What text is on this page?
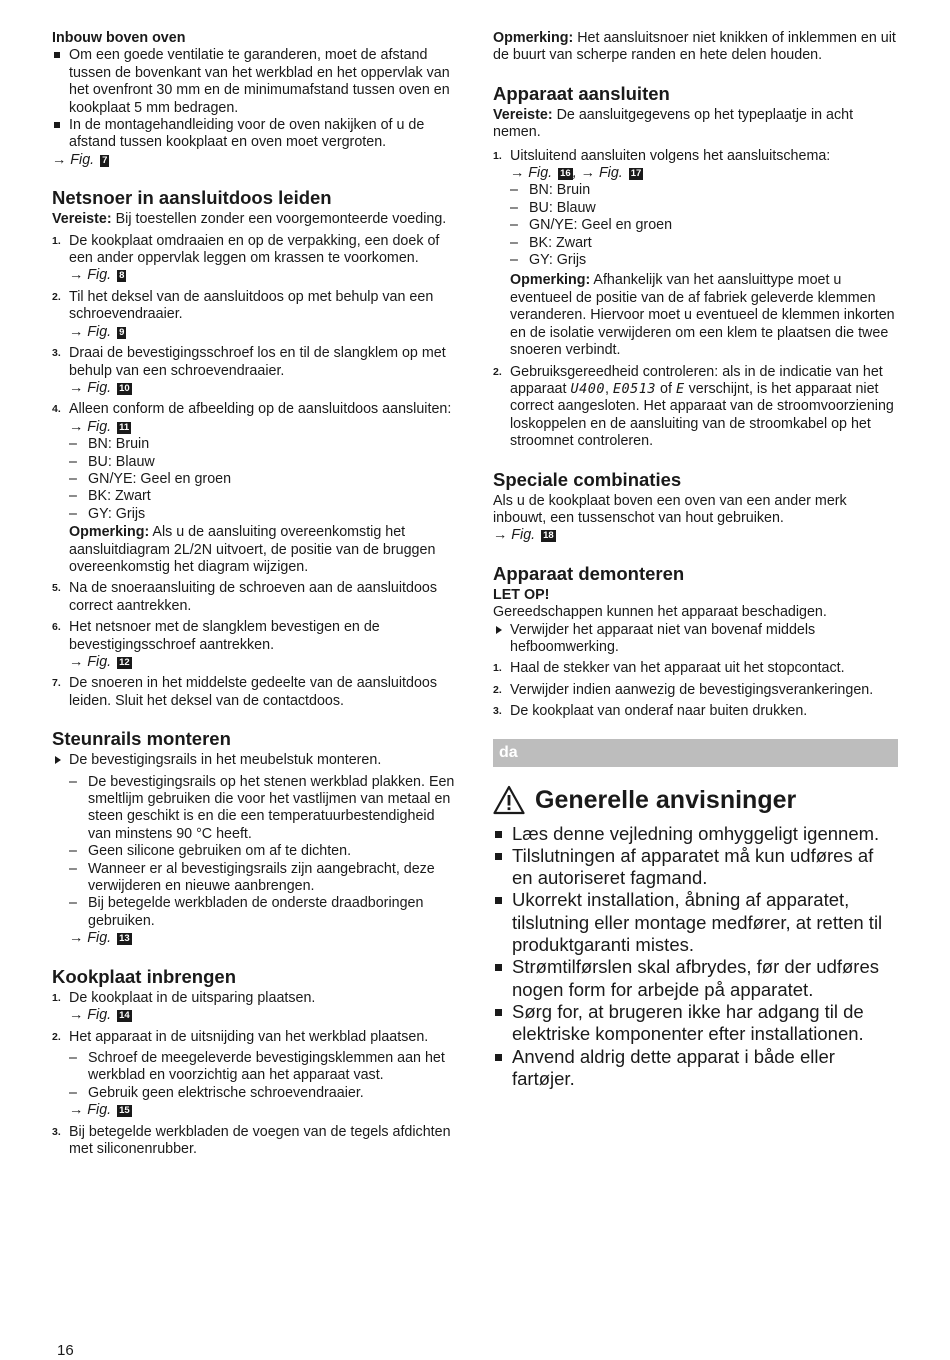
Inbouw boven oven

Om een goede ventilatie te garanderen, moet de afstand tussen de bovenkant van het werkblad en het oppervlak van het ovenfront 30 mm en de minimumafstand tussen oven en kookplaat 5 mm bedragen.
In de montagehandleiding voor de oven nakijken of u de afstand tussen kookplaat en oven moet vergroten.

→ Fig. 7

Netsnoer in aansluitdoos leiden

Vereiste: Bij toestellen zonder een voorgemonteerde voeding.

1. De kookplaat omdraaien en op de verpakking, een doek of een ander oppervlak leggen om krassen te voorkomen.
→ Fig. 8
2. Til het deksel van de aansluitdoos op met behulp van een schroevendraaier.
→ Fig. 9
3. Draai de bevestigingsschroef los en til de slangklem op met behulp van een schroevendraaier.
→ Fig. 10
4. Alleen conform de afbeelding op de aansluitdoos aansluiten:
→ Fig. 11
– BN: Bruin
– BU: Blauw
– GN/YE: Geel en groen
– BK: Zwart
– GY: Grijs

Opmerking: Als u de aansluiting overeenkomstig het aansluitdiagram 2L/2N uitvoert, de positie van de bruggen overeenkomstig het diagram wijzigen.

5. Na de snoeraansluiting de schroeven aan de aansluitdoos correct aantrekken.
6. Het netsnoer met de slangklem bevestigen en de bevestigingsschroef aantrekken.
→ Fig. 12
7. De snoeren in het middelste gedeelte van de aansluitdoos leiden. Sluit het deksel van de contactdoos.
Steunrails monteren
De bevestigingsrails in het meubelstuk monteren.
– De bevestigingsrails op het stenen werkblad plakken. Een smeltlijm gebruiken die voor het vastlijmen van metaal en steen geschikt is en die een temperatuurbestendigheid van minstens 90 °C heeft.
– Geen silicone gebruiken om af te dichten.
– Wanneer er al bevestigingsrails zijn aangebracht, deze verwijderen en nieuwe aanbrengen.
– Bij betegelde werkbladen de onderste draadboringen gebruiken.
→ Fig. 13
Kookplaat inbrengen
1. De kookplaat in de uitsparing plaatsen.
→ Fig. 14
2. Het apparaat in de uitsnijding van het werkblad plaatsen.
– Schroef de meegeleverde bevestigingsklemmen aan het werkblad en voorzichtig aan het apparaat vast.
– Gebruik geen elektrische schroevendraaier.
→ Fig. 15
3. Bij betegelde werkbladen de voegen van de tegels afdichten met siliconenrubber.

Opmerking: Het aansluitsnoer niet knikken of inklemmen en uit de buurt van scherpe randen en hete delen houden.

Apparaat aansluiten

Vereiste: De aansluitgegevens op het typeplaatje in acht nemen.

1. Uitsluitend aansluiten volgens het aansluitschema:
→ Fig. 16 , → Fig. 17
– BN: Bruin
– BU: Blauw
– GN/YE: Geel en groen
– BK: Zwart
– GY: Grijs

Opmerking: Afhankelijk van het aansluittype moet u eventueel de positie van de af fabriek geleverde klemmen veranderen. Hiervoor moet u eventueel de klemmen inkorten en de isolatie verwijderen om een klem te plaatsen die twee snoeren verbindt.

2. Gebruiksgereedheid controleren: als in de indicatie van het apparaat U400, E0513 of E verschijnt, is het apparaat niet correct aangesloten. Het apparaat van de stroomvoorziening loskoppelen en de aansluiting van de stroomkabel op het stroomnet controleren.
Speciale combinaties

Als u de kookplaat boven een oven van een ander merk inbouwt, een tussenschot van hout gebruiken.

→ Fig. 18

Apparaat demonteren

LET OP!

Gereedschappen kunnen het apparaat beschadigen.

Verwijder het apparaat niet van bovenaf middels hefboomwerking.
1. Haal de stekker van het apparaat uit het stopcontact.
2. Verwijder indien aanwezig de bevestigingsverankeringen.
3. De kookplaat van onderaf naar buiten drukken.
da
Generelle anvisninger
Læs denne vejledning omhyggeligt igennem.
Tilslutningen af apparatet må kun udføres af en autoriseret fagmand.
Ukorrekt installation, åbning af apparatet, tilslutning eller montage medfører, at retten til produktgaranti mistes.
Strømtilførslen skal afbrydes, før der udføres nogen form for arbejde på apparatet.
Sørg for, at brugeren ikke har adgang til de elektriske komponenter efter installationen.
Anvend aldrig dette apparat i både eller fartøjer.
16
